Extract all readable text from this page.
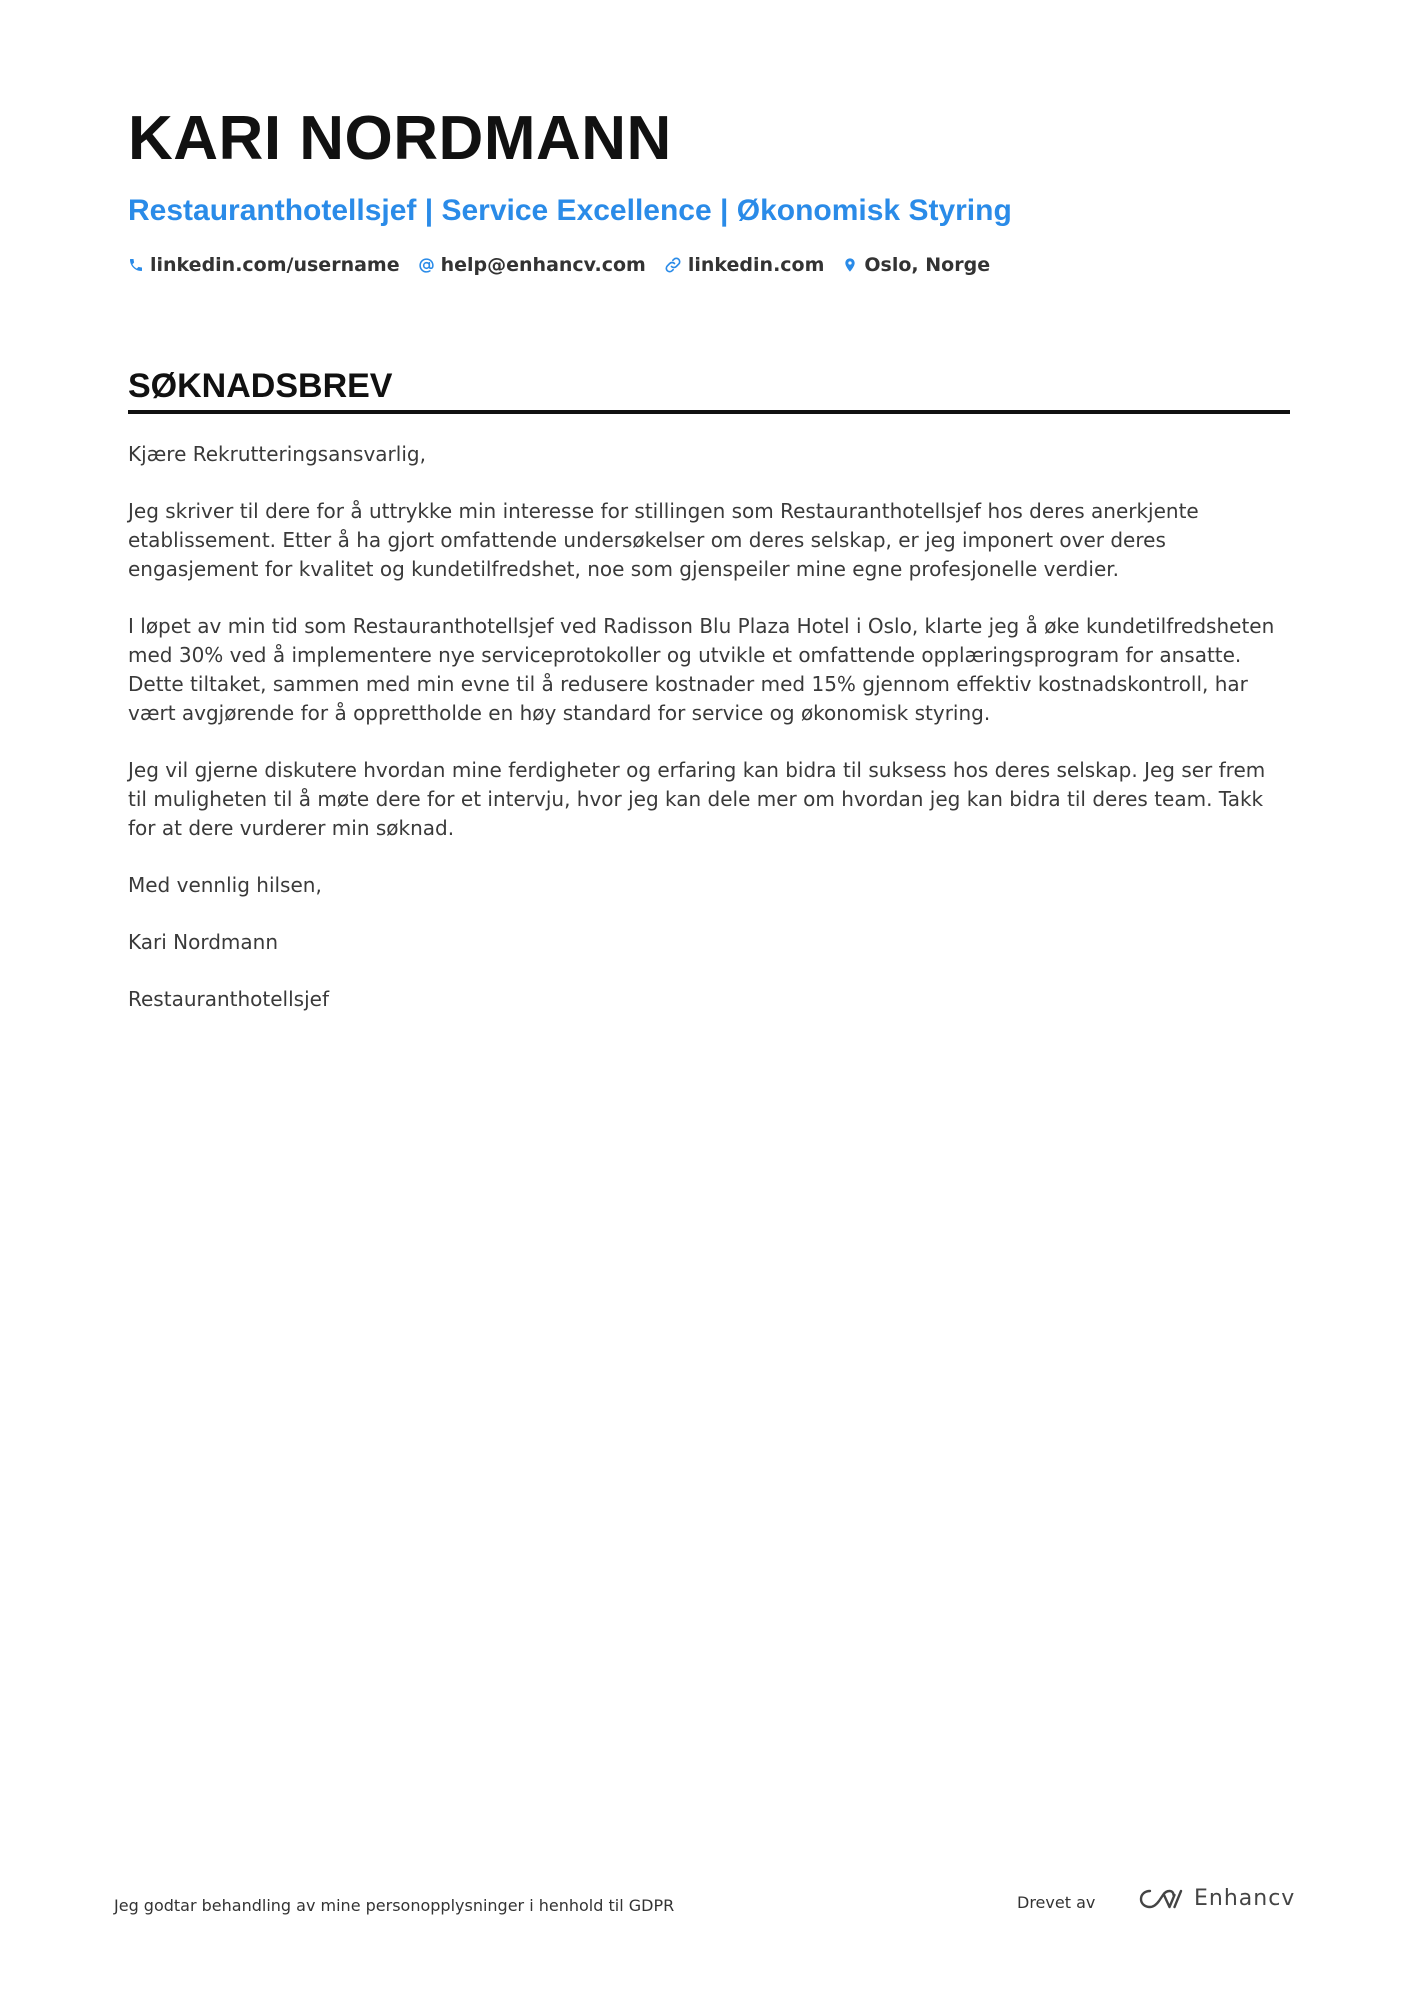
KARI NORDMANN
Restauranthotellsjef | Service Excellence | Økonomisk Styring
linkedin.com/username help@enhancv.com linkedin.com Oslo, Norge
SØKNADSBREV

Kjære Rekrutteringsansvarlig,

Jeg skriver til dere for å uttrykke min interesse for stillingen som Restauranthotellsjef hos deres anerkjente etablissement. Etter å ha gjort omfattende undersøkelser om deres selskap, er jeg imponert over deres engasjement for kvalitet og kundetilfredshet, noe som gjenspeiler mine egne profesjonelle verdier.

I løpet av min tid som Restauranthotellsjef ved Radisson Blu Plaza Hotel i Oslo, klarte jeg å øke kundetilfredsheten med 30% ved å implementere nye serviceprotokoller og utvikle et omfattende opplæringsprogram for ansatte. Dette tiltaket, sammen med min evne til å redusere kostnader med 15% gjennom effektiv kostnadskontroll, har vært avgjørende for å opprettholde en høy standard for service og økonomisk styring.

Jeg vil gjerne diskutere hvordan mine ferdigheter og erfaring kan bidra til suksess hos deres selskap. Jeg ser frem til muligheten til å møte dere for et intervju, hvor jeg kan dele mer om hvordan jeg kan bidra til deres team. Takk for at dere vurderer min søknad.

Med vennlig hilsen,

Kari Nordmann

Restauranthotellsjef

Jeg godtar behandling av mine personopplysninger i henhold til GDPR	Drevet av	Enhancv
